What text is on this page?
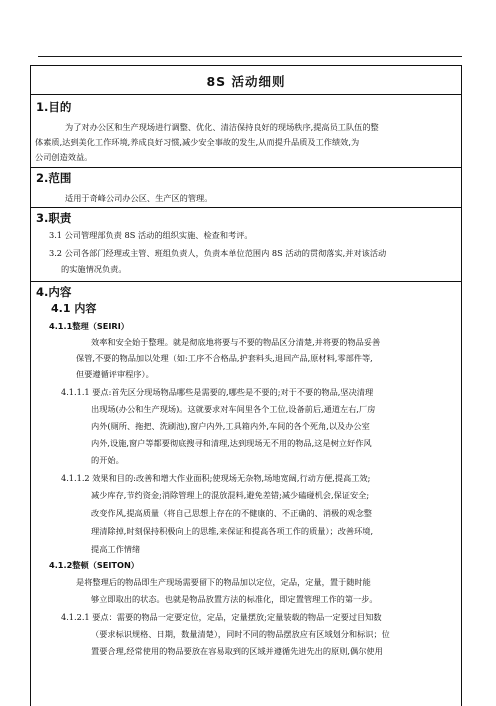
8S 活动细则
1.目的
为了对办公区和生产现场进行调整、优化、清洁保持良好的现场秩序,提高员工队伍的整
体素质,达到美化工作环境,养成良好习惯,减少安全事故的发生,从而提升品质及工作绩效,为
公司创造效益。
2.范围
适用于奇峰公司办公区、生产区的管理。
3.职责
3.1 公司管理部负责 8S 活动的组织实施、检查和考评。
3.2 公司各部门经理或主管、班组负责人，负责本单位范围内 8S 活动的贯彻落实,并对该活动
的实施情况负责。
4.内容
4.1 内容
4.1.1整理（SEIRI）
效率和安全始于整理。就是彻底地将要与不要的物品区分清楚,并将要的物品妥善
保管,不要的物品加以处理（如:工序不合格品,护套料头,退回产品,原材料,零部件等,
但要遵循评审程序）。
4.1.1.1 要点:首先区分现场物品哪些是需要的,哪些是不要的;对于不要的物品,坚决清理
出现场(办公和生产现场)。这就要求对车间里各个工位,设备前后,通道左右,厂房
内外(厕所、拖把、洗刷池),窗户内外,工具箱内外,车间的各个死角,以及办公室
内外,设施,窗户等都要彻底搜寻和清理,达到现场无不用的物品,这是树立好作风
的开始。
4.1.1.2 效果和目的:改善和增大作业面积;使现场无杂物,场地宽阔,行动方便,提高工效;
减少库存,节约资金;消除管理上的混放混料,避免差错;减少磕碰机会,保证安全;
改变作风,提高质量（将自己思想上存在的不健康的、不正确的、消极的观念整
理清除掉,时刻保持积极向上的思维,来保证和提高各项工作的质量）；改善环境,
提高工作情绪
4.1.2整顿（SEITON）
是将整理后的物品即生产现场需要留下的物品加以定位，定品，定量，置于随时能
够立即取出的状态。也就是物品放置方法的标准化，即定置管理工作的第一步。
4.1.2.1 要点：需要的物品一定要定位，定品，定量摆放;定量装载的物品一定要过目知数
（要求标识规格、日期，数量清楚），同时不同的物品摆放应有区域划分和标识；位
置要合理,经常使用的物品要放在容易取到的区域并遵循先进先出的原则,偶尔使用
